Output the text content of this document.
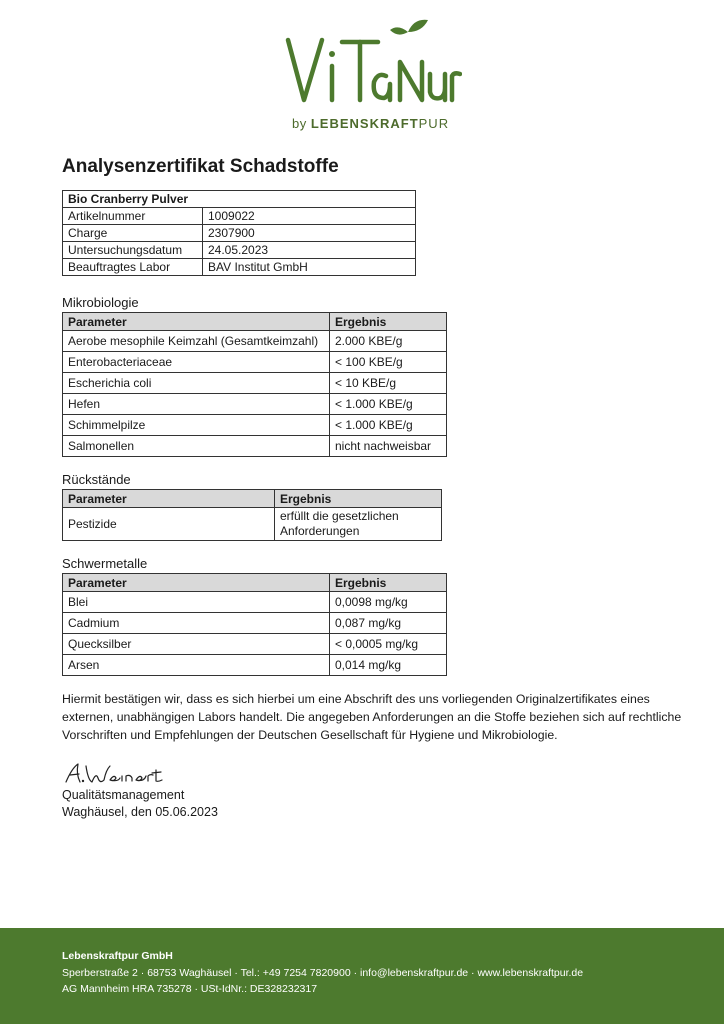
by LEBENSKRAFTPUR
Analysenzertifikat Schadstoffe
Bio Cranberry Pulver	
Artikelnummer	1009022
Charge	2307900
Untersuchungsdatum	24.05.2023
Beauftragtes Labor	BAV Institut GmbH
Mikrobiologie
Parameter	Ergebnis
Aerobe mesophile Keimzahl (Gesamtkeimzahl)	2.000 KBE/g
Enterobacteriaceae	< 100 KBE/g
Escherichia coli	< 10 KBE/g
Hefen	< 1.000 KBE/g
Schimmelpilze	< 1.000 KBE/g
Salmonellen	nicht nachweisbar
Rückstände
Parameter	Ergebnis
Pestizide	erfüllt die gesetzlichen
Anforderungen
Schwermetalle
Parameter	Ergebnis
Blei	0,0098 mg/kg
Cadmium	0,087 mg/kg
Quecksilber	< 0,0005 mg/kg
Arsen	0,014 mg/kg

Hiermit bestätigen wir, dass es sich hierbei um eine Abschrift des uns vorliegenden Originalzertifikates eines externen, unabhängigen Labors handelt. Die angegeben Anforderungen an die Stoffe beziehen sich auf rechtliche Vorschriften und Empfehlungen der Deutschen Gesellschaft für Hygiene und Mikrobiologie.

Qualitätsmanagement
Waghäusel, den 05.06.2023
Lebenskraftpur GmbH
Sperberstraße 2 · 68753 Waghäusel · Tel.: +49 7254 7820900 · info@lebenskraftpur.de · www.lebenskraftpur.de
AG Mannheim HRA 735278 · USt-IdNr.: DE328232317
